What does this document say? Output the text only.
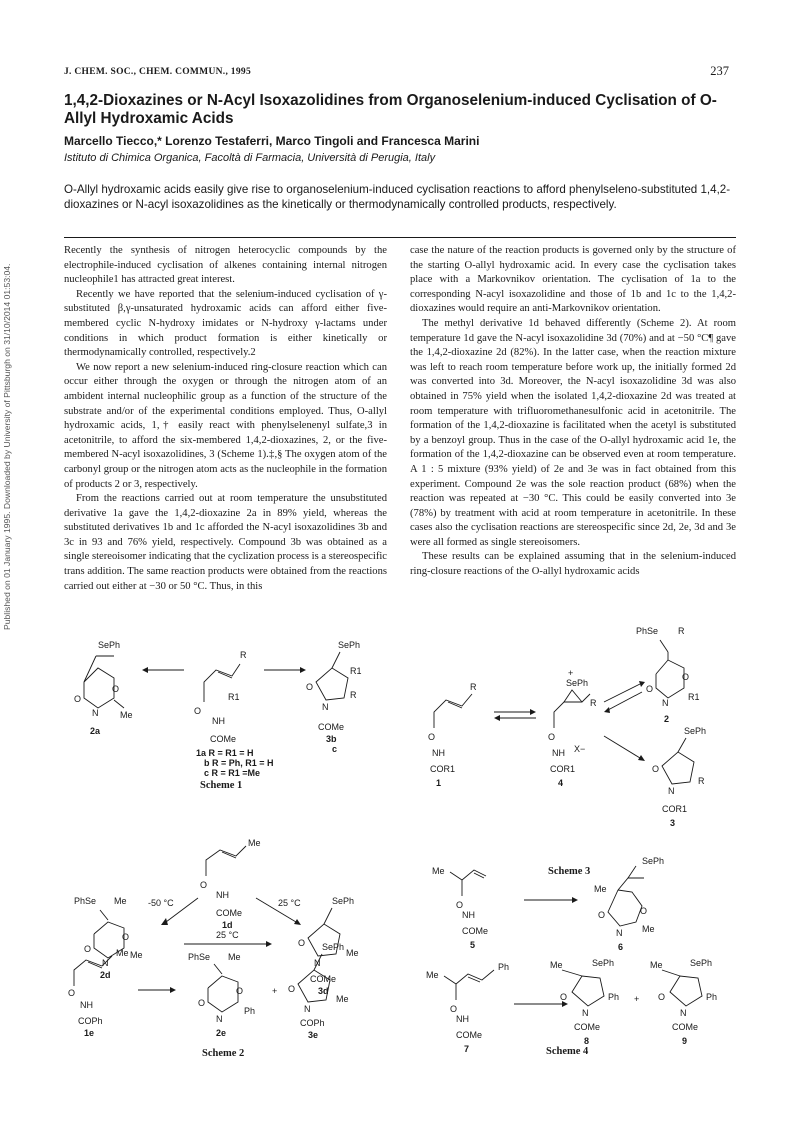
Published on 01 January 1995. Downloaded by University of Pittsburgh on 31/10/2014 01:53:04.
J. CHEM. SOC., CHEM. COMMUN., 1995	237
1,4,2-Dioxazines or N-Acyl Isoxazolidines from Organoselenium-induced Cyclisation of O-Allyl Hydroxamic Acids
Marcello Tiecco,* Lorenzo Testaferri, Marco Tingoli and Francesca Marini
Istituto di Chimica Organica, Facoltà di Farmacia, Università di Perugia, Italy
O-Allyl hydroxamic acids easily give rise to organoselenium-induced cyclisation reactions to afford phenylseleno-substituted 1,4,2-dioxazines or N-acyl isoxazolidines as the kinetically or thermodynamically controlled products, respectively.

Recently the synthesis of nitrogen heterocyclic compounds by the electrophile-induced cyclisation of alkenes containing internal nitrogen nucleophile1 has attracted great interest.

Recently we have reported that the selenium-induced cyclisation of γ-substituted β,γ-unsaturated hydroxamic acids can afford either five-membered cyclic N-hydroxy imidates or N-hydroxy γ-lactams under conditions in which product formation is either kinetically or thermodynamically controlled, respectively.2

We now report a new selenium-induced ring-closure reaction which can occur either through the oxygen or through the nitrogen atom of an ambident internal nucleophilic group as a function of the structure of the substrate and/or of the experimental conditions employed. Thus, O-allyl hydroxamic acids, 1,† easily react with phenylselenenyl sulfate,3 in acetonitrile, to afford the six-membered 1,4,2-dioxazines, 2, or the five-membered N-acyl isoxazolidines, 3 (Scheme 1).‡,§ The oxygen atom of the carbonyl group or the nitrogen atom acts as the nucleophile in the formation of products 2 or 3, respectively.

From the reactions carried out at room temperature the unsubstituted derivative 1a gave the 1,4,2-dioxazine 2a in 89% yield, whereas the substituted derivatives 1b and 1c afforded the N-acyl isoxazolidines 3b and 3c in 93 and 76% yield, respectively. Compound 3b was obtained as a single stereoisomer indicating that the cyclization process is a stereospecific trans addition. The same reaction products were obtained from the reactions carried out either at −30 or 50 °C. Thus, in this

case the nature of the reaction products is governed only by the structure of the starting O-allyl hydroxamic acid. In every case the cyclisation takes place with a Markovnikov orientation. The cyclisation of 1a to the corresponding N-acyl isoxazolidine and those of 1b and 1c to the 1,4,2-dioxazines would require an anti-Markovnikov orientation.

The methyl derivative 1d behaved differently (Scheme 2). At room temperature 1d gave the N-acyl isoxazolidine 3d (70%) and at −50 °C¶ gave the 1,4,2-dioxazine 2d (82%). In the latter case, when the reaction mixture was left to reach room temperature before work up, the initially formed 2d was converted into 3d. Moreover, the N-acyl isoxazolidine 3d was also obtained in 75% yield when the isolated 1,4,2-dioxazine 2d was treated at room temperature with trifluoromethanesulfonic acid in acetonitrile. The formation of the 1,4,2-dioxazine is facilitated when the acetyl is substituted by a benzoyl group. Thus in the case of the O-allyl hydroxamic acid 1e, the formation of the 1,4,2-dioxazine can be observed even at room temperature. A 1 : 5 mixture (93% yield) of 2e and 3e was in fact obtained from this experiment. Compound 2e was the sole reaction product (68%) when the reaction was repeated at −30 °C. This could be easily converted into 3e (78%) by treatment with acid at room temperature in acetonitrile. In these cases also the cyclisation reactions are stereospecific since 2d, 2e, 3d and 3e were all formed as single stereoisomers.

These results can be explained assuming that in the selenium-induced ring-closure reactions of the O-allyl hydroxamic acids

SePh
O
O
N Me
2a
R
O
NH
R1
COMe
1a R = R1 = H
b R = Ph, R1 = H
c R = R1 =Me
SePh
R1
O
N
R
COMe
3b
c
Scheme 1
R
O
NH
COR1
1
SePh
+
R
O
NH X−
COR1
4
PhSe R
O
O
N
R1
2
SePh
O
N
R
COR1
3
Scheme 3
Me
O
NH
COMe
1d
-50 °C	25 °C
25 °C
PhSe Me
O
O
N
Me
2d
SePh
O
N
Me
COMe
3d
Me
O
NH
COPh
1e
PhSe Me
O
O
N
Ph
2e
+
SePh
O
N
Me
COPh
3e
Scheme 2
Me
O
NH
COMe
5
SePh
Me
O
O
N Me
6
Me
Ph
O
NH
COMe
7
Me	SePh
O
N
Ph
COMe
8
+
Me	SePh
O
N
Ph
COMe
9
Scheme 4
